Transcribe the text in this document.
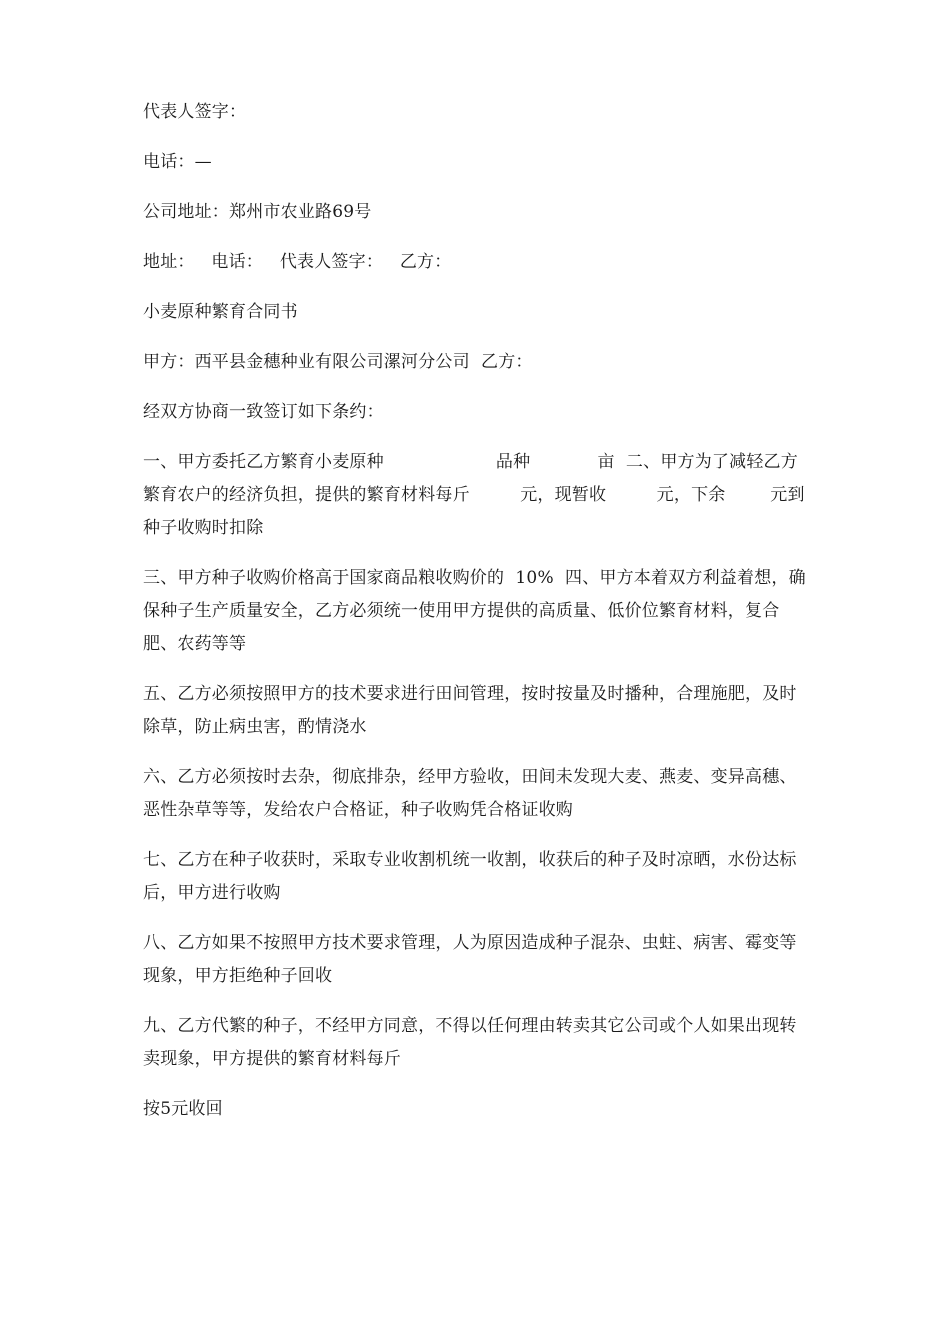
代表人签字：

电话：—

公司地址：郑州市农业路69号

地址：   电话：   代表人签字：   乙方：

小麦原种繁育合同书

甲方：西平县金穗种业有限公司漯河分公司  乙方：

经双方协商一致签订如下条约：

一、甲方委托乙方繁育小麦原种                    品种            亩  二、甲方为了减轻乙方繁育农户的经济负担，提供的繁育材料每斤         元，现暂收         元，下余        元到种子收购时扣除

三、甲方种子收购价格高于国家商品粮收购价的  10%  四、甲方本着双方利益着想，确保种子生产质量安全，乙方必须统一使用甲方提供的高质量、低价位繁育材料，复合肥、农药等等

五、乙方必须按照甲方的技术要求进行田间管理，按时按量及时播种，合理施肥，及时除草，防止病虫害，酌情浇水

六、乙方必须按时去杂，彻底排杂，经甲方验收，田间未发现大麦、燕麦、变异高穗、恶性杂草等等，发给农户合格证，种子收购凭合格证收购

七、乙方在种子收获时，采取专业收割机统一收割，收获后的种子及时凉晒，水份达标后，甲方进行收购

八、乙方如果不按照甲方技术要求管理，人为原因造成种子混杂、虫蛀、病害、霉变等现象，甲方拒绝种子回收

九、乙方代繁的种子，不经甲方同意，不得以任何理由转卖其它公司或个人如果出现转卖现象，甲方提供的繁育材料每斤

按5元收回
